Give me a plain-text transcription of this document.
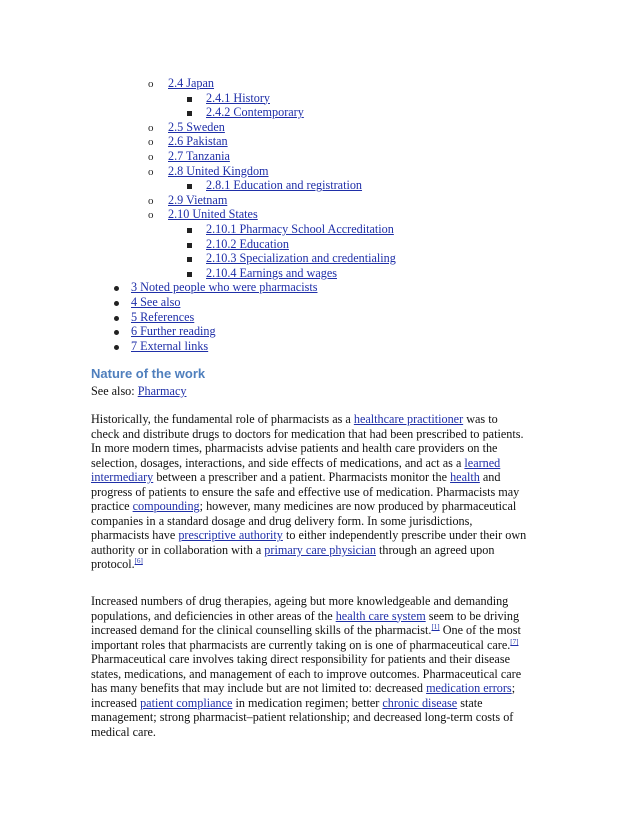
o 2.4 Japan
2.4.1 History
2.4.2 Contemporary
o 2.5 Sweden
o 2.6 Pakistan
o 2.7 Tanzania
o 2.8 United Kingdom
2.8.1 Education and registration
o 2.9 Vietnam
o 2.10 United States
2.10.1 Pharmacy School Accreditation
2.10.2 Education
2.10.3 Specialization and credentialing
2.10.4 Earnings and wages
3 Noted people who were pharmacists
4 See also
5 References
6 Further reading
7 External links
Nature of the work
See also: Pharmacy
Historically, the fundamental role of pharmacists as a healthcare practitioner was to
check and distribute drugs to doctors for medication that had been prescribed to patients.
In more modern times, pharmacists advise patients and health care providers on the
selection, dosages, interactions, and side effects of medications, and act as a learned
intermediary between a prescriber and a patient. Pharmacists monitor the health and
progress of patients to ensure the safe and effective use of medication. Pharmacists may
practice compounding; however, many medicines are now produced by pharmaceutical
companies in a standard dosage and drug delivery form. In some jurisdictions,
pharmacists have prescriptive authority to either independently prescribe under their own
authority or in collaboration with a primary care physician through an agreed upon
protocol.[6]
Increased numbers of drug therapies, ageing but more knowledgeable and demanding
populations, and deficiencies in other areas of the health care system seem to be driving
increased demand for the clinical counselling skills of the pharmacist.[1] One of the most
important roles that pharmacists are currently taking on is one of pharmaceutical care.[7]
Pharmaceutical care involves taking direct responsibility for patients and their disease
states, medications, and management of each to improve outcomes. Pharmaceutical care
has many benefits that may include but are not limited to: decreased medication errors;
increased patient compliance in medication regimen; better chronic disease state
management; strong pharmacist–patient relationship; and decreased long-term costs of
medical care.
